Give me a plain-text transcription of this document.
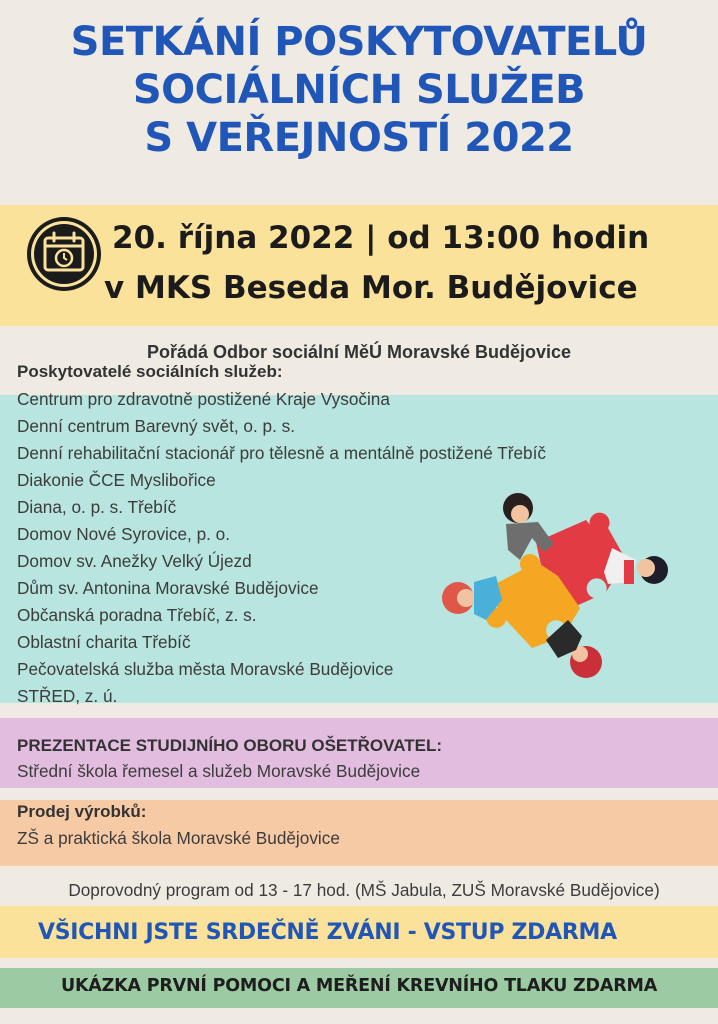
SETKÁNÍ POSKYTOVATELŮ
SOCIÁLNÍCH SLUŽEB
S VEŘEJNOSTÍ 2022
20. října 2022 | od 13:00 hodin
v MKS Beseda Mor. Budějovice
Pořádá Odbor sociální MěÚ Moravské Budějovice
Poskytovatelé sociálních služeb:
Centrum pro zdravotně postižené Kraje Vysočina
Denní centrum Barevný svět, o. p. s.
Denní rehabilitační stacionář pro tělesně a mentálně postižené Třebíč
Diakonie ČCE Myslibořice
Diana, o. p. s. Třebíč
Domov Nové Syrovice, p. o.
Domov sv. Anežky Velký Újezd
Dům sv. Antonina Moravské Budějovice
Občanská poradna Třebíč, z. s.
Oblastní charita Třebíč
Pečovatelská služba města Moravské Budějovice
STŘED, z. ú.
PREZENTACE STUDIJNÍHO OBORU OŠETŘOVATEL:
Střední škola řemesel a služeb Moravské Budějovice
Prodej výrobků:
ZŠ a praktická škola Moravské Budějovice
Doprovodný program od 13 - 17 hod. (MŠ Jabula, ZUŠ Moravské Budějovice)
VŠICHNI JSTE SRDEČNĚ ZVÁNI - VSTUP ZDARMA
UKÁZKA PRVNÍ POMOCI A MEŘENÍ KREVNÍHO TLAKU ZDARMA
